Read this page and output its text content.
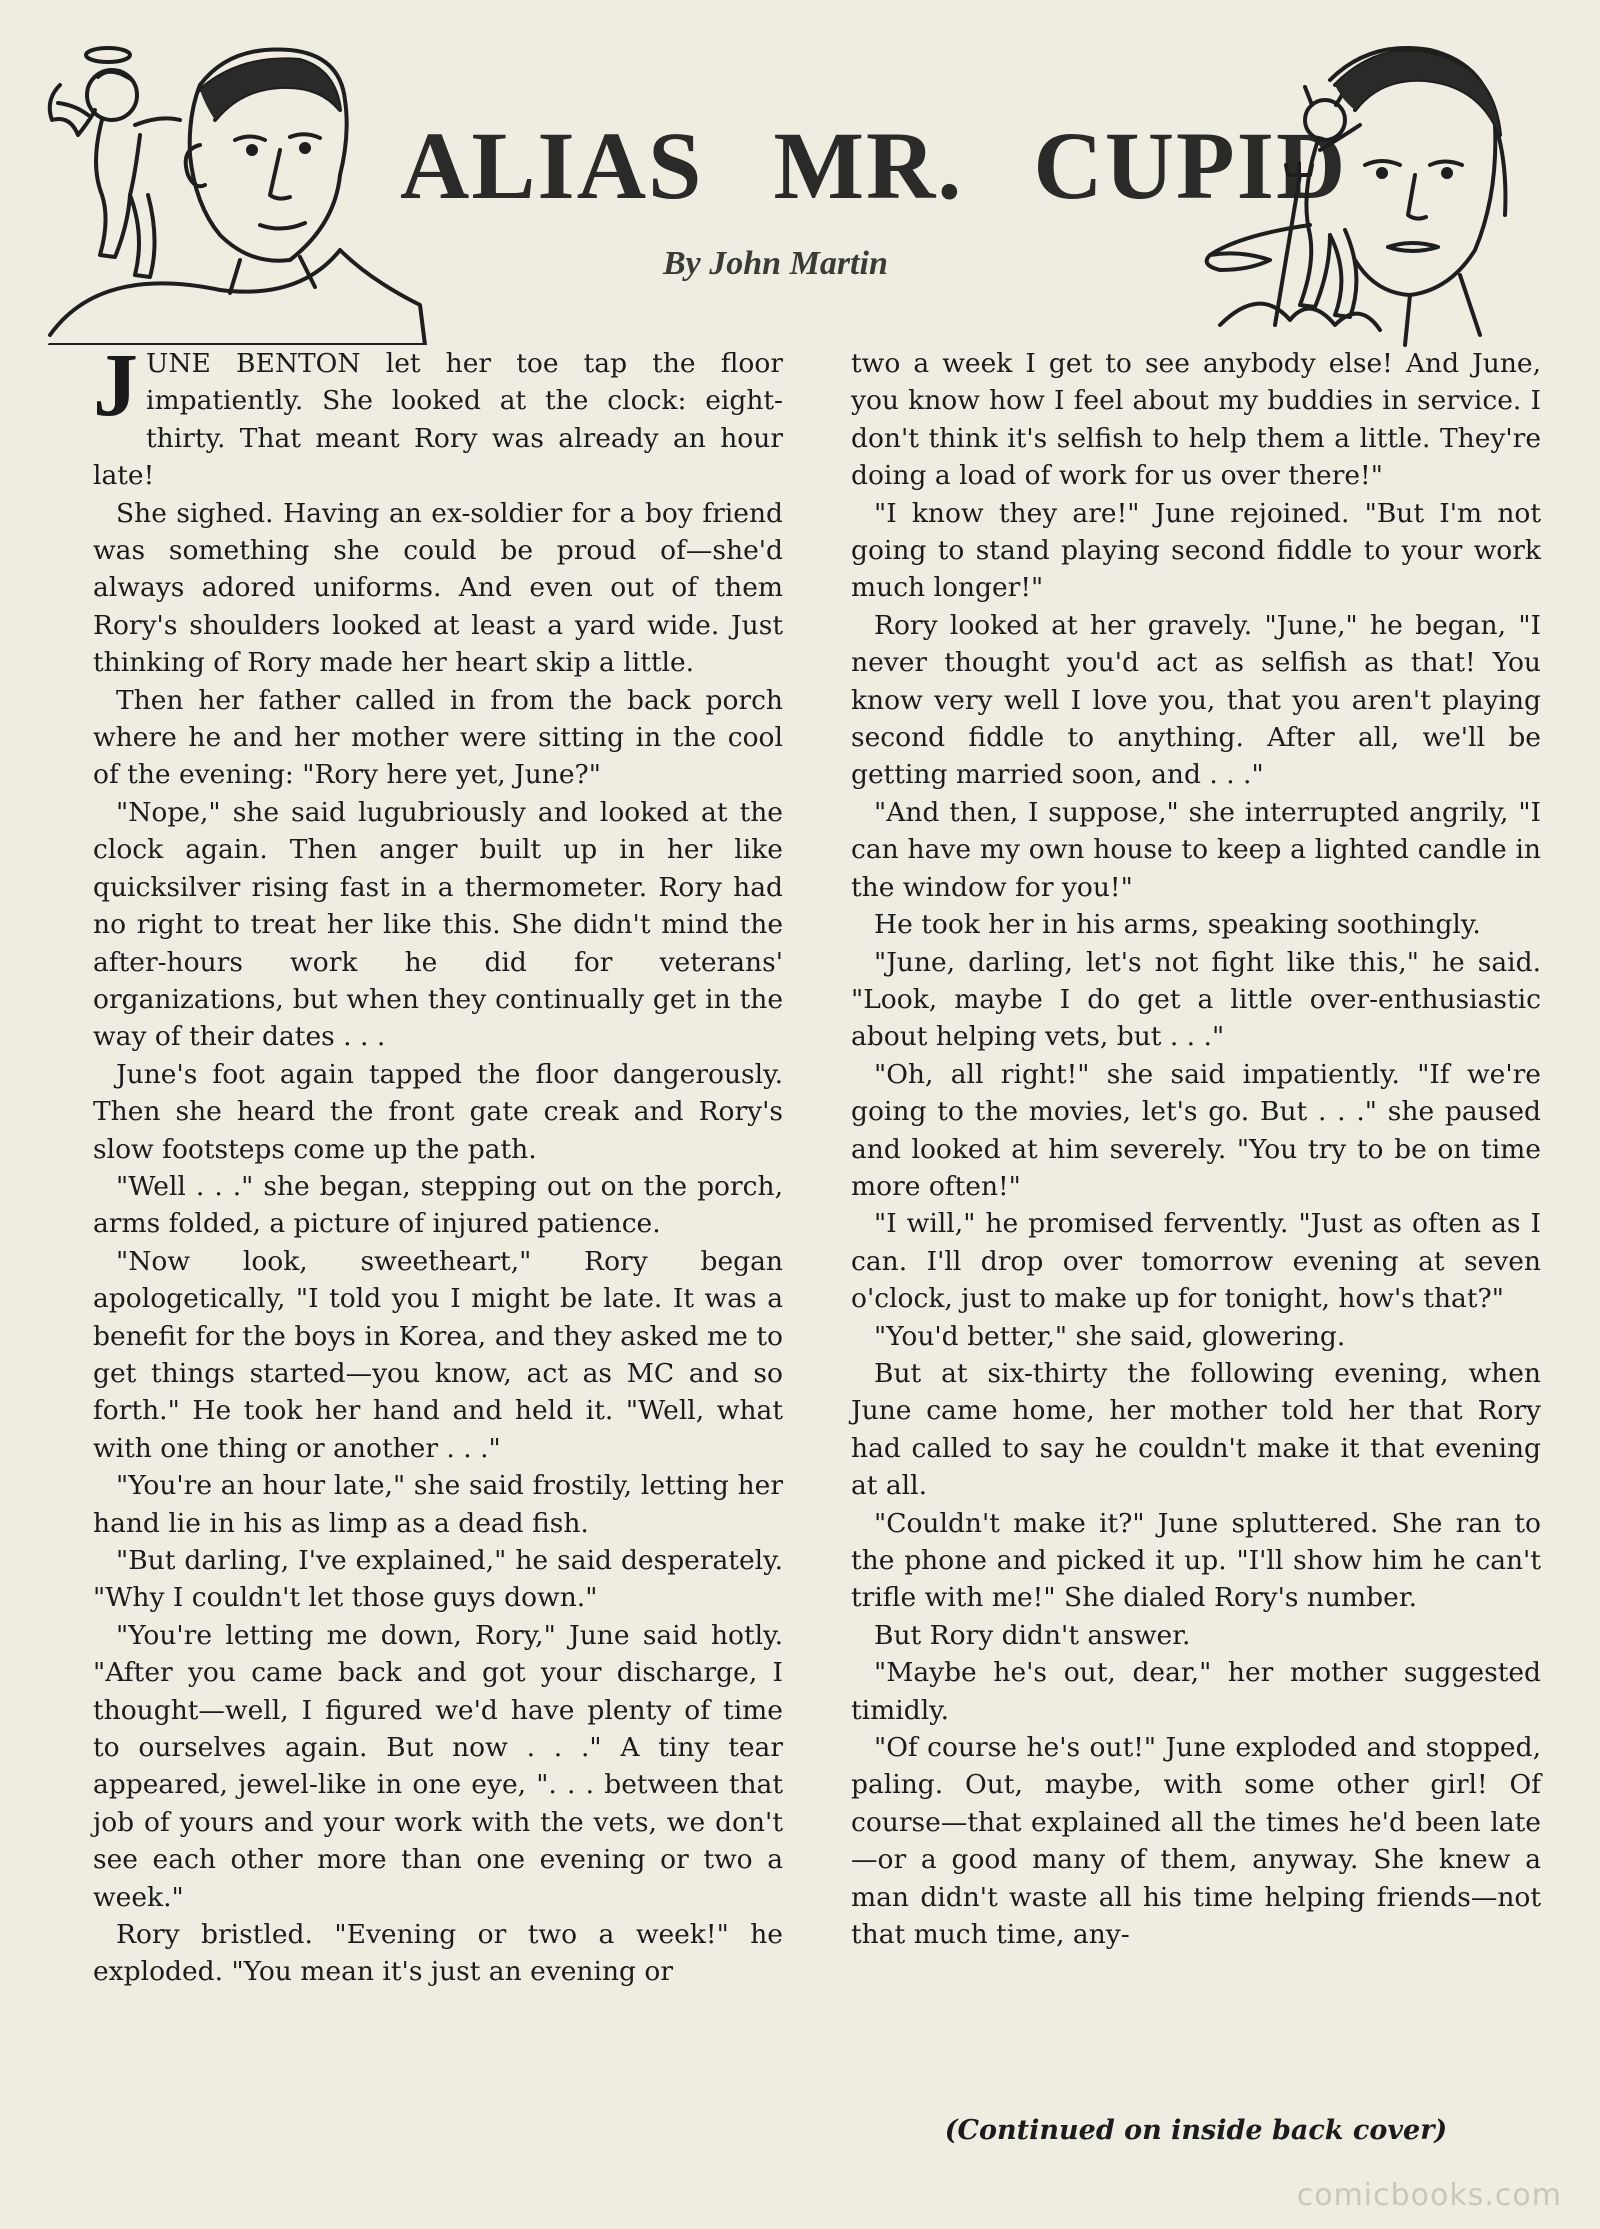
ALIAS MR. CUPID
By John Martin

J UNE BENTON let her toe tap the floor impatiently. She looked at the clock: eight-thirty. That meant Rory was already an hour late!

She sighed. Having an ex-soldier for a boy friend was something she could be proud of—she'd always adored uniforms. And even out of them Rory's shoulders looked at least a yard wide. Just thinking of Rory made her heart skip a little.

Then her father called in from the back porch where he and her mother were sitting in the cool of the evening: "Rory here yet, June?"

"Nope," she said lugubriously and looked at the clock again. Then anger built up in her like quicksilver rising fast in a thermometer. Rory had no right to treat her like this. She didn't mind the after-hours work he did for veterans' organizations, but when they continually get in the way of their dates . . .

June's foot again tapped the floor dangerously. Then she heard the front gate creak and Rory's slow footsteps come up the path.

"Well . . ." she began, stepping out on the porch, arms folded, a picture of injured patience.

"Now look, sweetheart," Rory began apologetically, "I told you I might be late. It was a benefit for the boys in Korea, and they asked me to get things started—you know, act as MC and so forth." He took her hand and held it. "Well, what with one thing or another . . ."

"You're an hour late," she said frostily, letting her hand lie in his as limp as a dead fish.

"But darling, I've explained," he said desperately. "Why I couldn't let those guys down."

"You're letting me down, Rory," June said hotly. "After you came back and got your discharge, I thought—well, I figured we'd have plenty of time to ourselves again. But now . . ." A tiny tear appeared, jewel-like in one eye, ". . . between that job of yours and your work with the vets, we don't see each other more than one evening or two a week."

Rory bristled. "Evening or two a week!" he exploded. "You mean it's just an evening or

two a week I get to see anybody else! And June, you know how I feel about my buddies in service. I don't think it's selfish to help them a little. They're doing a load of work for us over there!"

"I know they are!" June rejoined. "But I'm not going to stand playing second fiddle to your work much longer!"

Rory looked at her gravely. "June," he began, "I never thought you'd act as selfish as that! You know very well I love you, that you aren't playing second fiddle to anything. After all, we'll be getting married soon, and . . ."

"And then, I suppose," she interrupted angrily, "I can have my own house to keep a lighted candle in the window for you!"

He took her in his arms, speaking soothingly.

"June, darling, let's not fight like this," he said. "Look, maybe I do get a little over-enthusiastic about helping vets, but . . ."

"Oh, all right!" she said impatiently. "If we're going to the movies, let's go. But . . ." she paused and looked at him severely. "You try to be on time more often!"

"I will," he promised fervently. "Just as often as I can. I'll drop over tomorrow evening at seven o'clock, just to make up for tonight, how's that?"

"You'd better," she said, glowering.

But at six-thirty the following evening, when June came home, her mother told her that Rory had called to say he couldn't make it that evening at all.

"Couldn't make it?" June spluttered. She ran to the phone and picked it up. "I'll show him he can't trifle with me!" She dialed Rory's number.

But Rory didn't answer.

"Maybe he's out, dear," her mother suggested timidly.

"Of course he's out!" June exploded and stopped, paling. Out, maybe, with some other girl! Of course—that explained all the times he'd been late—or a good many of them, anyway. She knew a man didn't waste all his time helping friends—not that much time, any-

(Continued on inside back cover)
comicbooks.com
